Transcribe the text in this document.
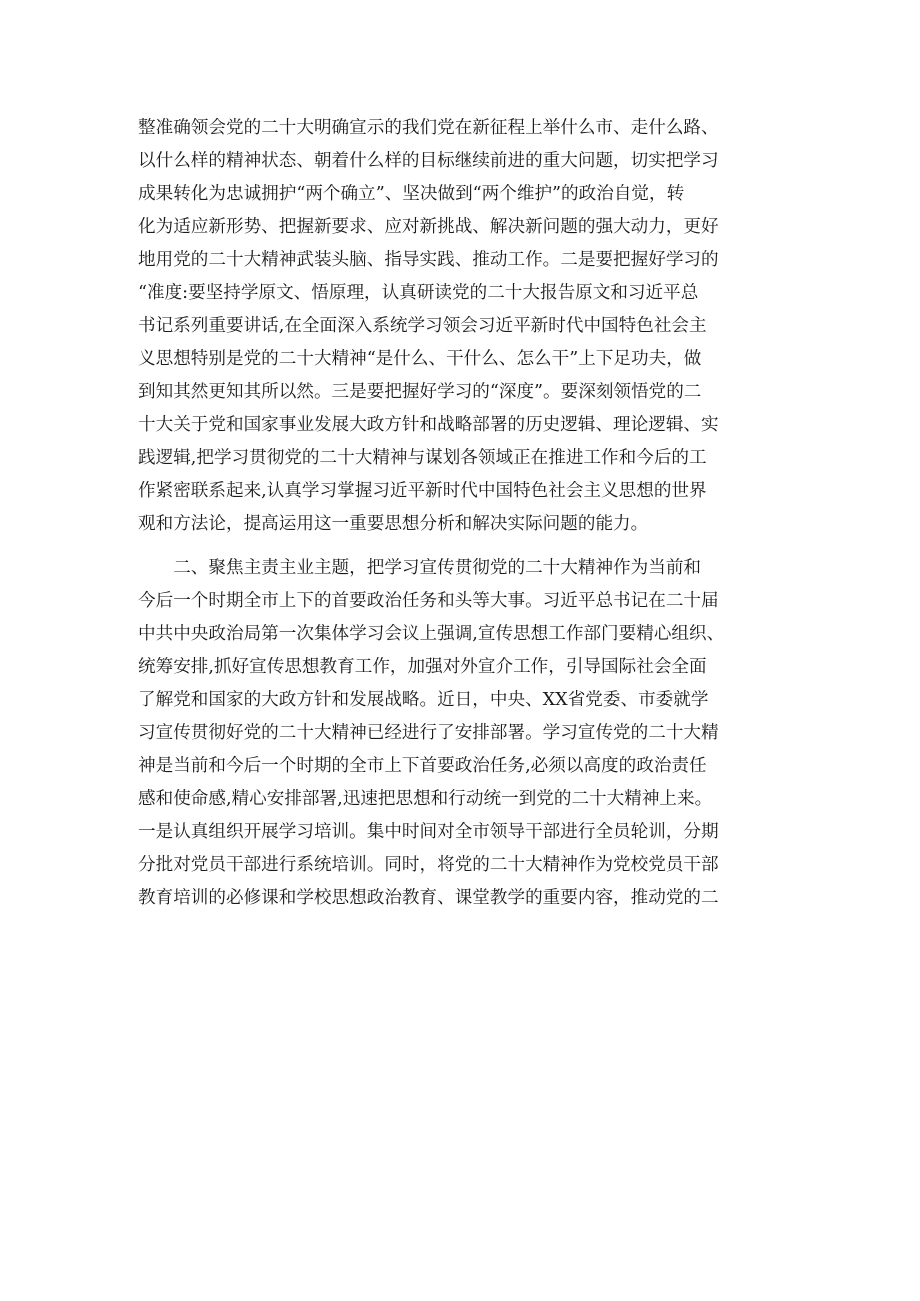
整准确领会党的二十大明确宣示的我们党在新征程上举什么市、走什么路、
以什么样的精神状态、朝着什么样的目标继续前进的重大问题，切实把学习
成果转化为忠诚拥护“两个确立”、坚决做到“两个维护”的政治自觉，转
化为适应新形势、把握新要求、应对新挑战、解决新问题的强大动力，更好
地用党的二十大精神武装头脑、指导实践、推动工作。二是要把握好学习的
“准度:要坚持学原文、悟原理，认真研读党的二十大报告原文和习近平总
书记系列重要讲话,在全面深入系统学习领会习近平新时代中国特色社会主
义思想特别是党的二十大精神“是什么、干什么、怎么干”上下足功夫，做
到知其然更知其所以然。三是要把握好学习的“深度”。要深刻领悟党的二
十大关于党和国家事业发展大政方针和战略部署的历史逻辑、理论逻辑、实
践逻辑,把学习贯彻党的二十大精神与谋划各领域正在推进工作和今后的工
作紧密联系起来,认真学习掌握习近平新时代中国特色社会主义思想的世界
观和方法论，提高运用这一重要思想分析和解决实际问题的能力。
　　二、聚焦主责主业主题，把学习宣传贯彻党的二十大精神作为当前和
今后一个时期全市上下的首要政治任务和头等大事。习近平总书记在二十届
中共中央政治局第一次集体学习会议上强调,宣传思想工作部门要精心组织、
统筹安排,抓好宣传思想教育工作，加强对外宣介工作，引导国际社会全面
了解党和国家的大政方针和发展战略。近日，中央、XX省党委、市委就学
习宣传贯彻好党的二十大精神已经进行了安排部署。学习宣传党的二十大精
神是当前和今后一个时期的全市上下首要政治任务,必须以高度的政治责任
感和使命感,精心安排部署,迅速把思想和行动统一到党的二十大精神上来。
一是认真组织开展学习培训。集中时间对全市领导干部进行全员轮训，分期
分批对党员干部进行系统培训。同时，将党的二十大精神作为党校党员干部
教育培训的必修课和学校思想政治教育、课堂教学的重要内容，推动党的二
